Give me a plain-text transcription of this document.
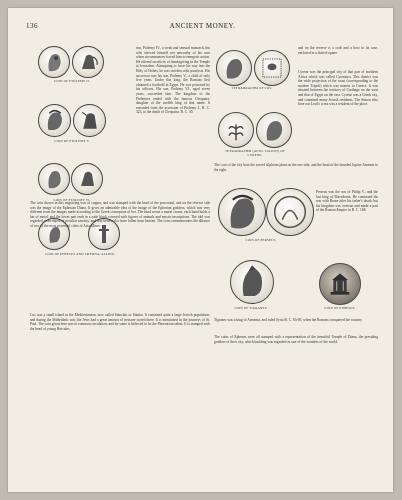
136	ANCIENT MONEY.
COIN OF PTOLEMY II.
COIN OF PTOLEMY V.
COIN OF PTOLEMY VI.
COIN OF EPHESUS AND SMYRNA, ALLIED.
nus, Ptolemy IV., a weak and sensual monarch, but who showed himself not unworthy of his race when circumstances forced him to energetic action. He offered sacrifices of thanksgiving in the Temple at Jerusalem. Attempting to force his way into the Holy of Holies, he was stricken with paralysis. His successor was his son, Ptolemy V., a child of only five years. Under this king, the Romans first obtained a foothold in Egypt. He was poisoned by his officers. His son, Ptolemy VI., aged seven years, succeeded him. The kingdom of the Ptolemies ended with the famous Cleopatra, daughter of the twelfth king of that name. It extended from the accession of Ptolemy I., B. C. 323, to the death of Cleopatra, B. C. 30.
The coin shown in this engraving was of copper, and was stamped with the head of the proconsul, and on the reverse side was the image of the Ephesian Diana. It gives an admirable idea of the image of the Ephesian goddess, which was very different from the images made according to the Greek conception of her. The head wears a mural crown, each hand holds a bar of metal, and the lower part ends in a rude block covered with figures of animals and mystic inscriptions. The idol was regarded as an object of peculiar sanctity, and was believed to have fallen from heaven. The coin commemorates the alliance of two of the most powerful cities of Asia Minor.
Cos was a small island in the Mediterranean, now called Stanchio or Stanko. It contained quite a large Jewish population, and during the Mithridatic war, the Jews had a great amount of treasure stored there. It is mentioned in the journeys of St. Paul. The coin given here was in common circulation, and by some is believed to be the Phoenician talent. It is stamped with the head of young Hercules,
TETRADRACHM OF COS.
TETRADRACHM (ATTIC TALENT) OF CYRENE.
COIN OF PERSEUS.
COIN OF TIGRANES.	COIN OF EPHESUS.
and on the reverse is a crab and a bow in its case, enclosed in a dotted square.
Cyrene was the principal city of that part of northern Africa which was called Cyrenaica. This district was the wide projection of the coast (corresponding to the modern Tripoli) which was nearest to Greece. It was situated between the territory of Carthage on the west and that of Egypt on the east. Cyrene was a Greek city, and contained many Jewish residents. The Simon who bore our Lord's cross was a resident of the place.
The coin of the city bore the sacred silphium plant on the one side, and the head of the bearded Jupiter Ammon to the right.
Perseus was the son of Philip V., and the last king of Macedonia. He continued the war with Rome after his father's death, but his kingdom was overrun and made a part of the Roman Empire in B. C. 168.
Tigranes was a king of Armenia, and ruled Syria B. C. 83-69, when the Romans conquered the country.
The coins of Ephesus were all stamped with a representation of the beautiful Temple of Diana, the presiding goddess of their city, which building was regarded as one of the wonders of the world.
